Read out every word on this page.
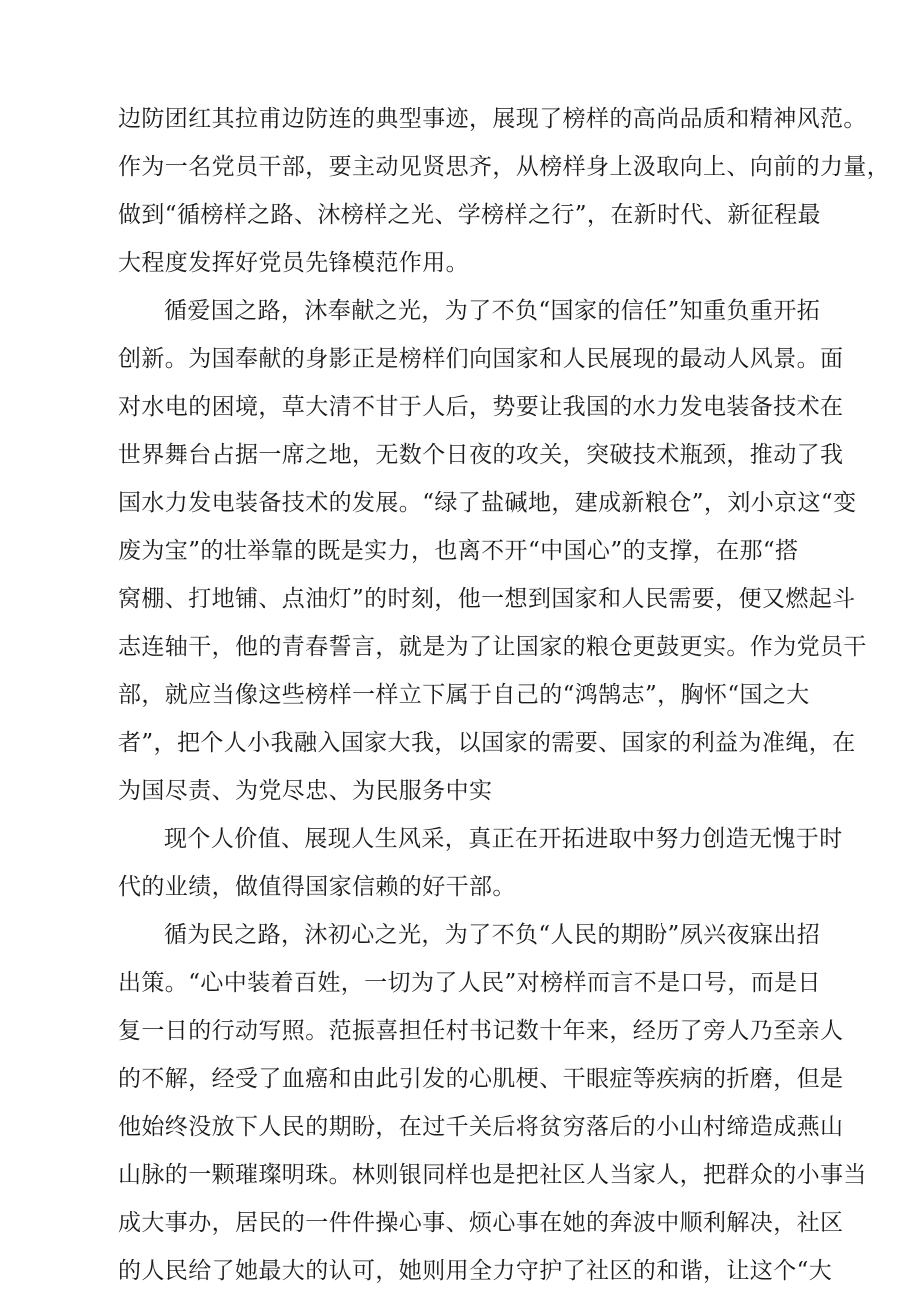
边防团红其拉甫边防连的典型事迹，展现了榜样的高尚品质和精神风范。
作为一名党员干部，要主动见贤思齐，从榜样身上汲取向上、向前的力量，
做到“循榜样之路、沐榜样之光、学榜样之行”，在新时代、新征程最
大程度发挥好党员先锋模范作用。
循爱国之路，沐奉献之光，为了不负“国家的信任”知重负重开拓
创新。为国奉献的身影正是榜样们向国家和人民展现的最动人风景。面
对水电的困境，草大清不甘于人后，势要让我国的水力发电装备技术在
世界舞台占据一席之地，无数个日夜的攻关，突破技术瓶颈，推动了我
国水力发电装备技术的发展。“绿了盐碱地，建成新粮仓”，刘小京这“变
废为宝”的壮举靠的既是实力，也离不开“中国心”的支撑，在那“搭
窝棚、打地铺、点油灯”的时刻，他一想到国家和人民需要，便又燃起斗
志连轴干，他的青春誓言，就是为了让国家的粮仓更鼓更实。作为党员干
部，就应当像这些榜样一样立下属于自己的“鸿鹄志”，胸怀“国之大
者”，把个人小我融入国家大我，以国家的需要、国家的利益为准绳，在
为国尽责、为党尽忠、为民服务中实
现个人价值、展现人生风采，真正在开拓进取中努力创造无愧于时
代的业绩，做值得国家信赖的好干部。
循为民之路，沐初心之光，为了不负“人民的期盼”夙兴夜寐出招
出策。“心中装着百姓，一切为了人民”对榜样而言不是口号，而是日
复一日的行动写照。范振喜担任村书记数十年来，经历了旁人乃至亲人
的不解，经受了血癌和由此引发的心肌梗、干眼症等疾病的折磨，但是
他始终没放下人民的期盼，在过千关后将贫穷落后的小山村缔造成燕山
山脉的一颗璀璨明珠。林则银同样也是把社区人当家人，把群众的小事当
成大事办，居民的一件件操心事、烦心事在她的奔波中顺利解决，社区
的人民给了她最大的认可，她则用全力守护了社区的和谐，让这个“大
